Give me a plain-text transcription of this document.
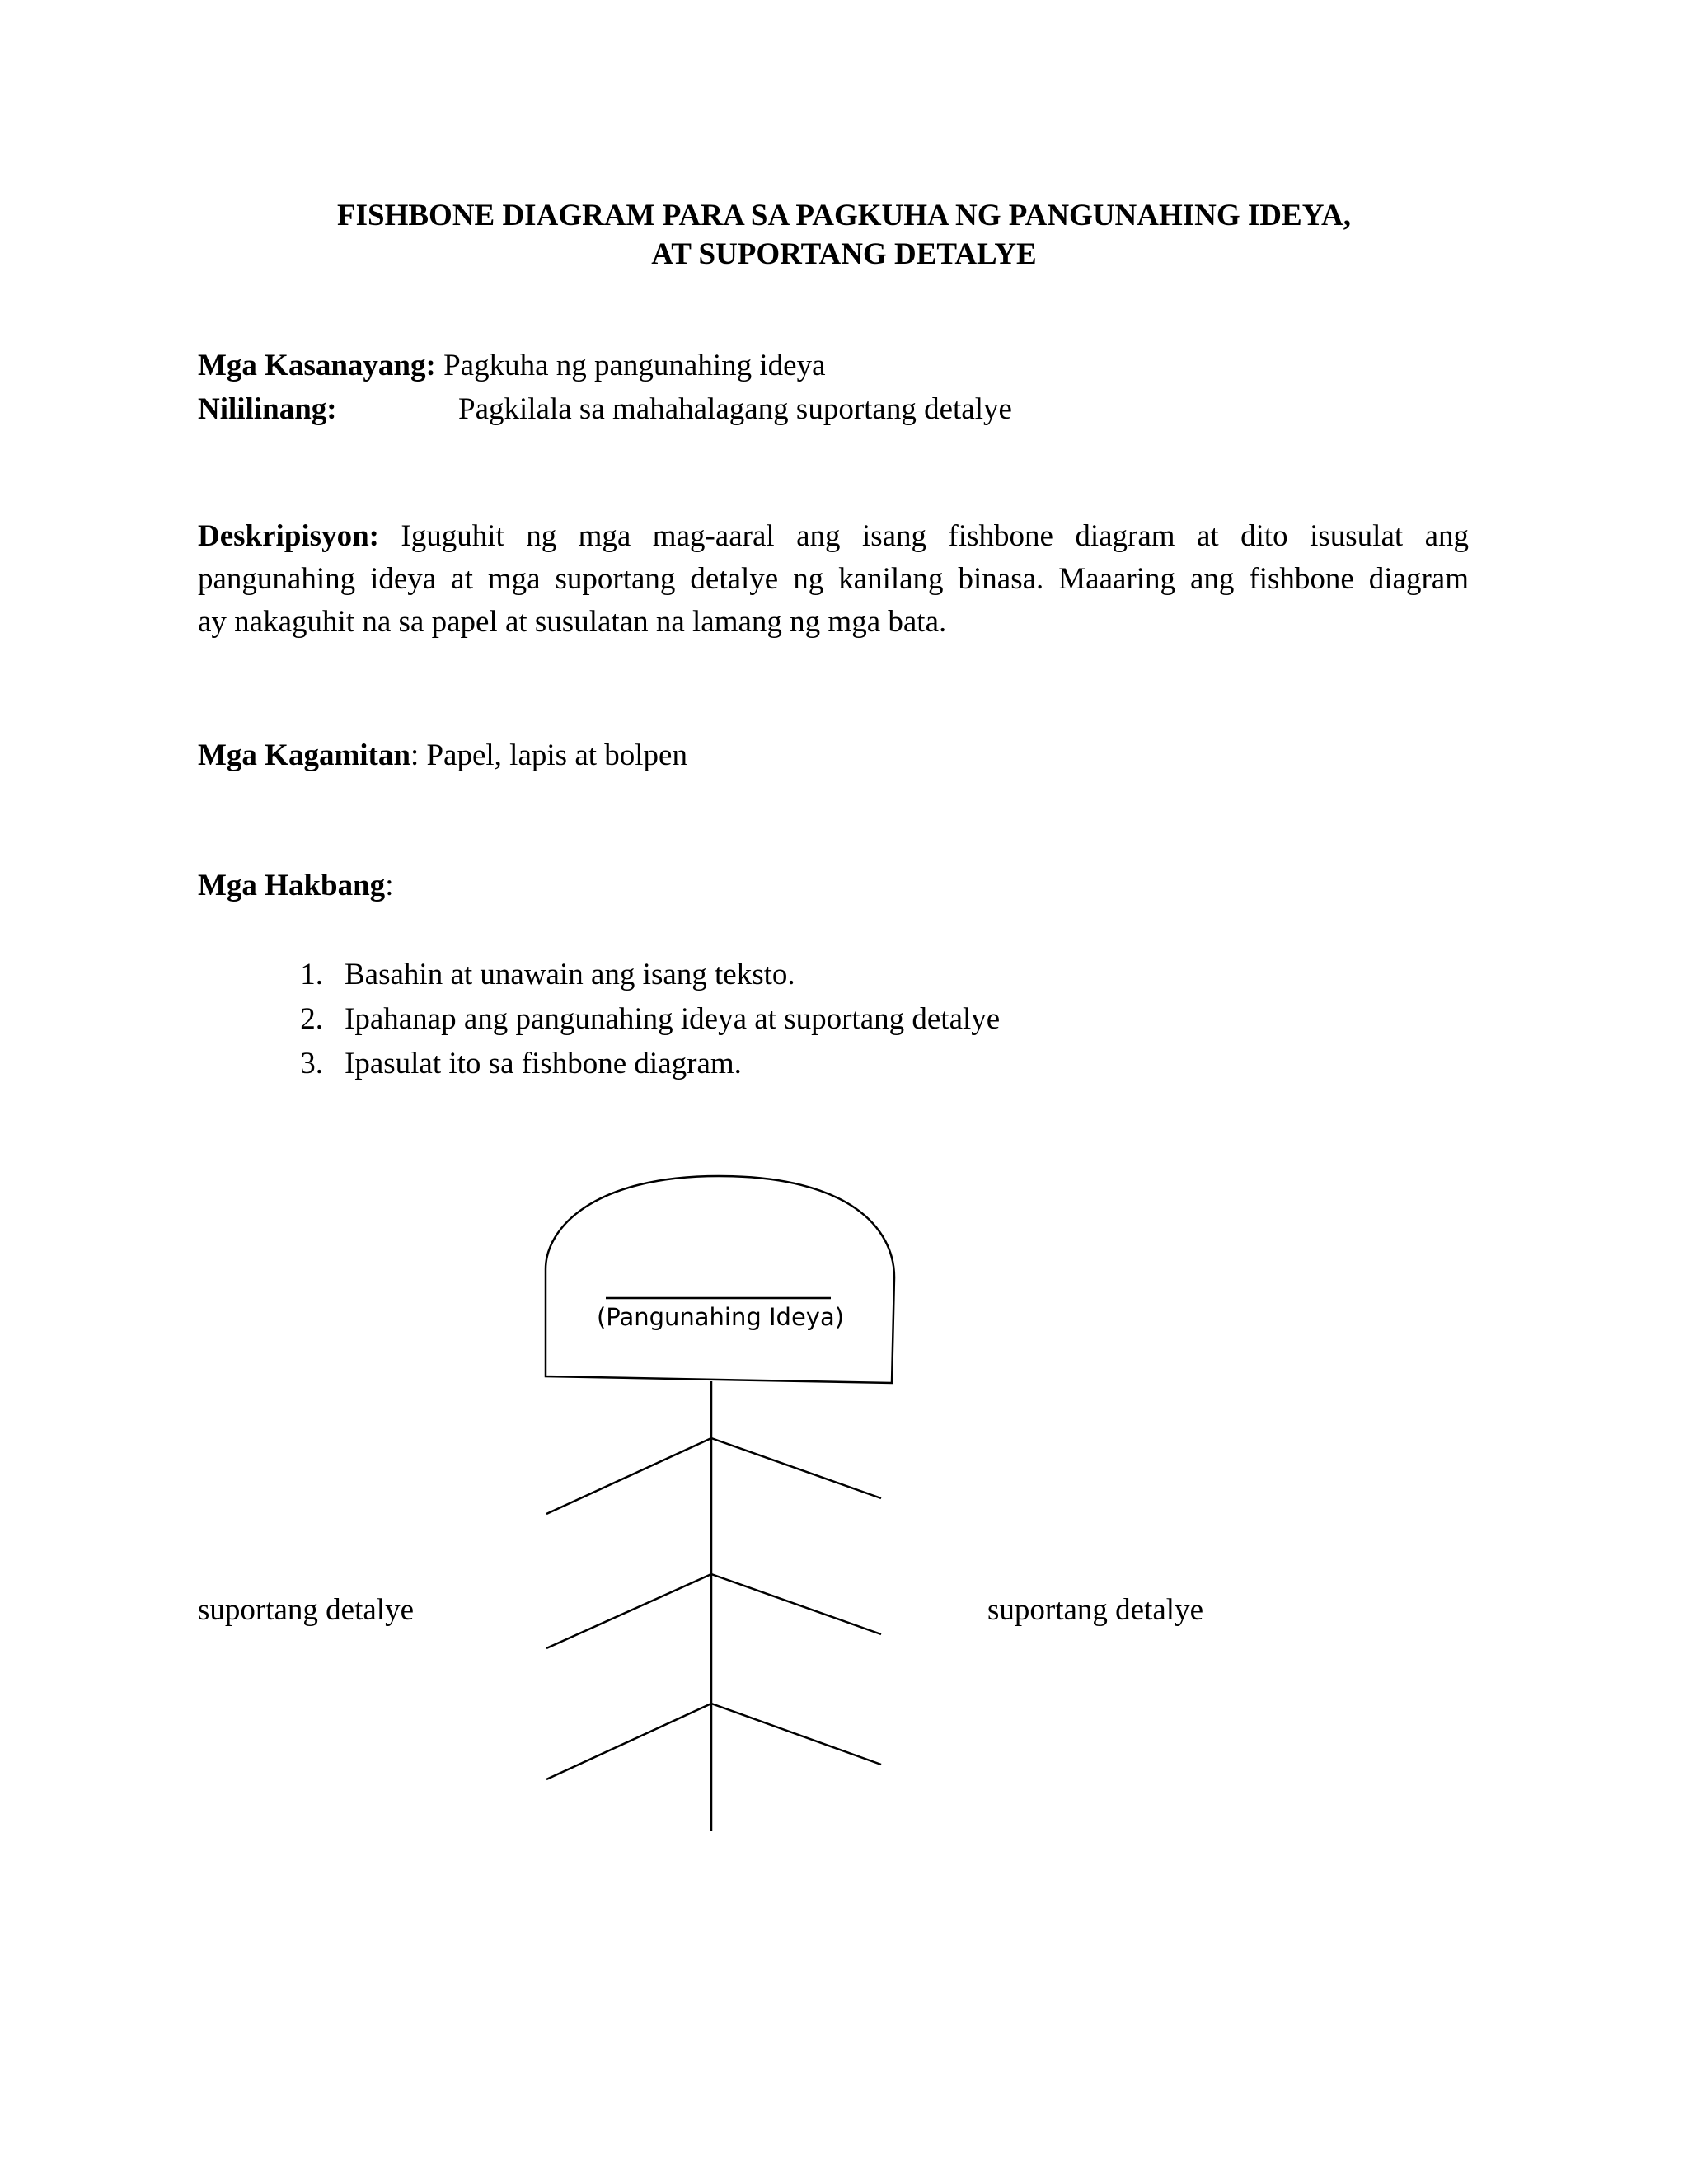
FISHBONE DIAGRAM PARA SA PAGKUHA NG PANGUNAHING IDEYA,
AT SUPORTANG DETALYE
Mga Kasanayang: Pagkuha ng pangunahing ideya
Nililinang:	Pagkilala sa mahahalagang suportang detalye
Deskripisyon: Iguguhit ng mga mag-aaral ang isang fishbone diagram at dito isusulat ang
pangunahing ideya at mga suportang detalye ng kanilang binasa. Maaaring ang fishbone diagram
ay nakaguhit na sa papel at susulatan na lamang ng mga bata.
Mga Kagamitan: Papel, lapis at bolpen
Mga Hakbang:
1. Basahin at unawain ang isang teksto.
2. Ipahanap ang pangunahing ideya at suportang detalye
3. Ipasulat ito sa fishbone diagram.
(Pangunahing Ideya)
suportang detalye	suportang detalye
